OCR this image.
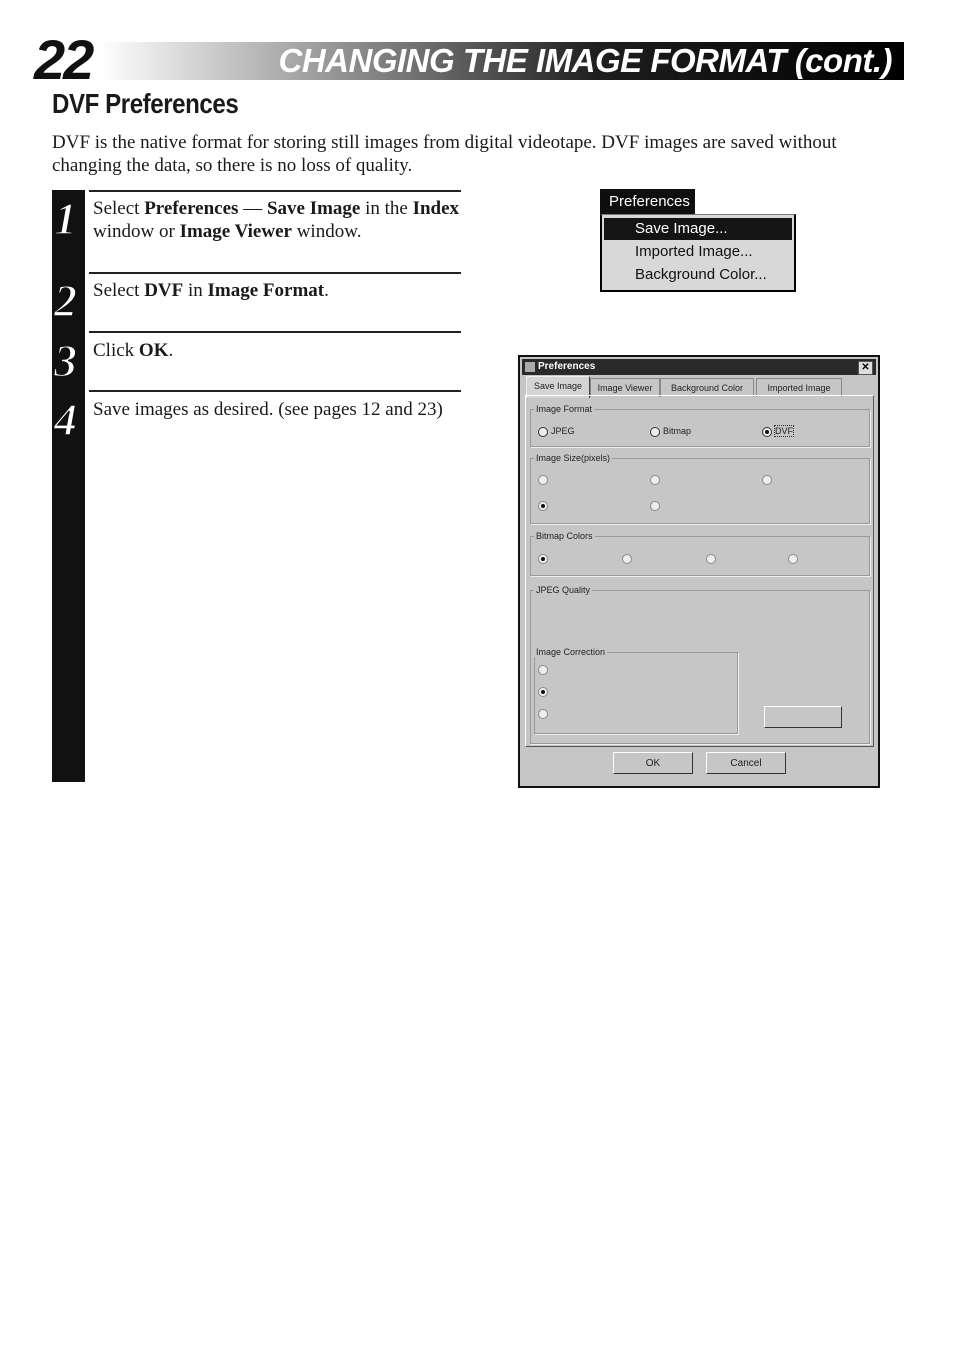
22	CHANGING THE IMAGE FORMAT (cont.)
DVF Preferences
DVF is the native format for storing still images from digital videotape. DVF images are saved without changing the data, so there is no loss of quality.
1
2
3
4
Select Preferences — Save Image in the Index window or Image Viewer window.
Select DVF in Image Format.
Click OK.
Save images as desired. (see pages 12 and 23)
Preferences
Save Image...
Imported Image...
Background Color...
Preferences	✕
Save Image	Image Viewer	Background Color	Imported Image
Image Format
JPEG	Bitmap	DVF
Image Size(pixels)
Bitmap Colors
JPEG Quality
Image Correction
OK	Cancel
